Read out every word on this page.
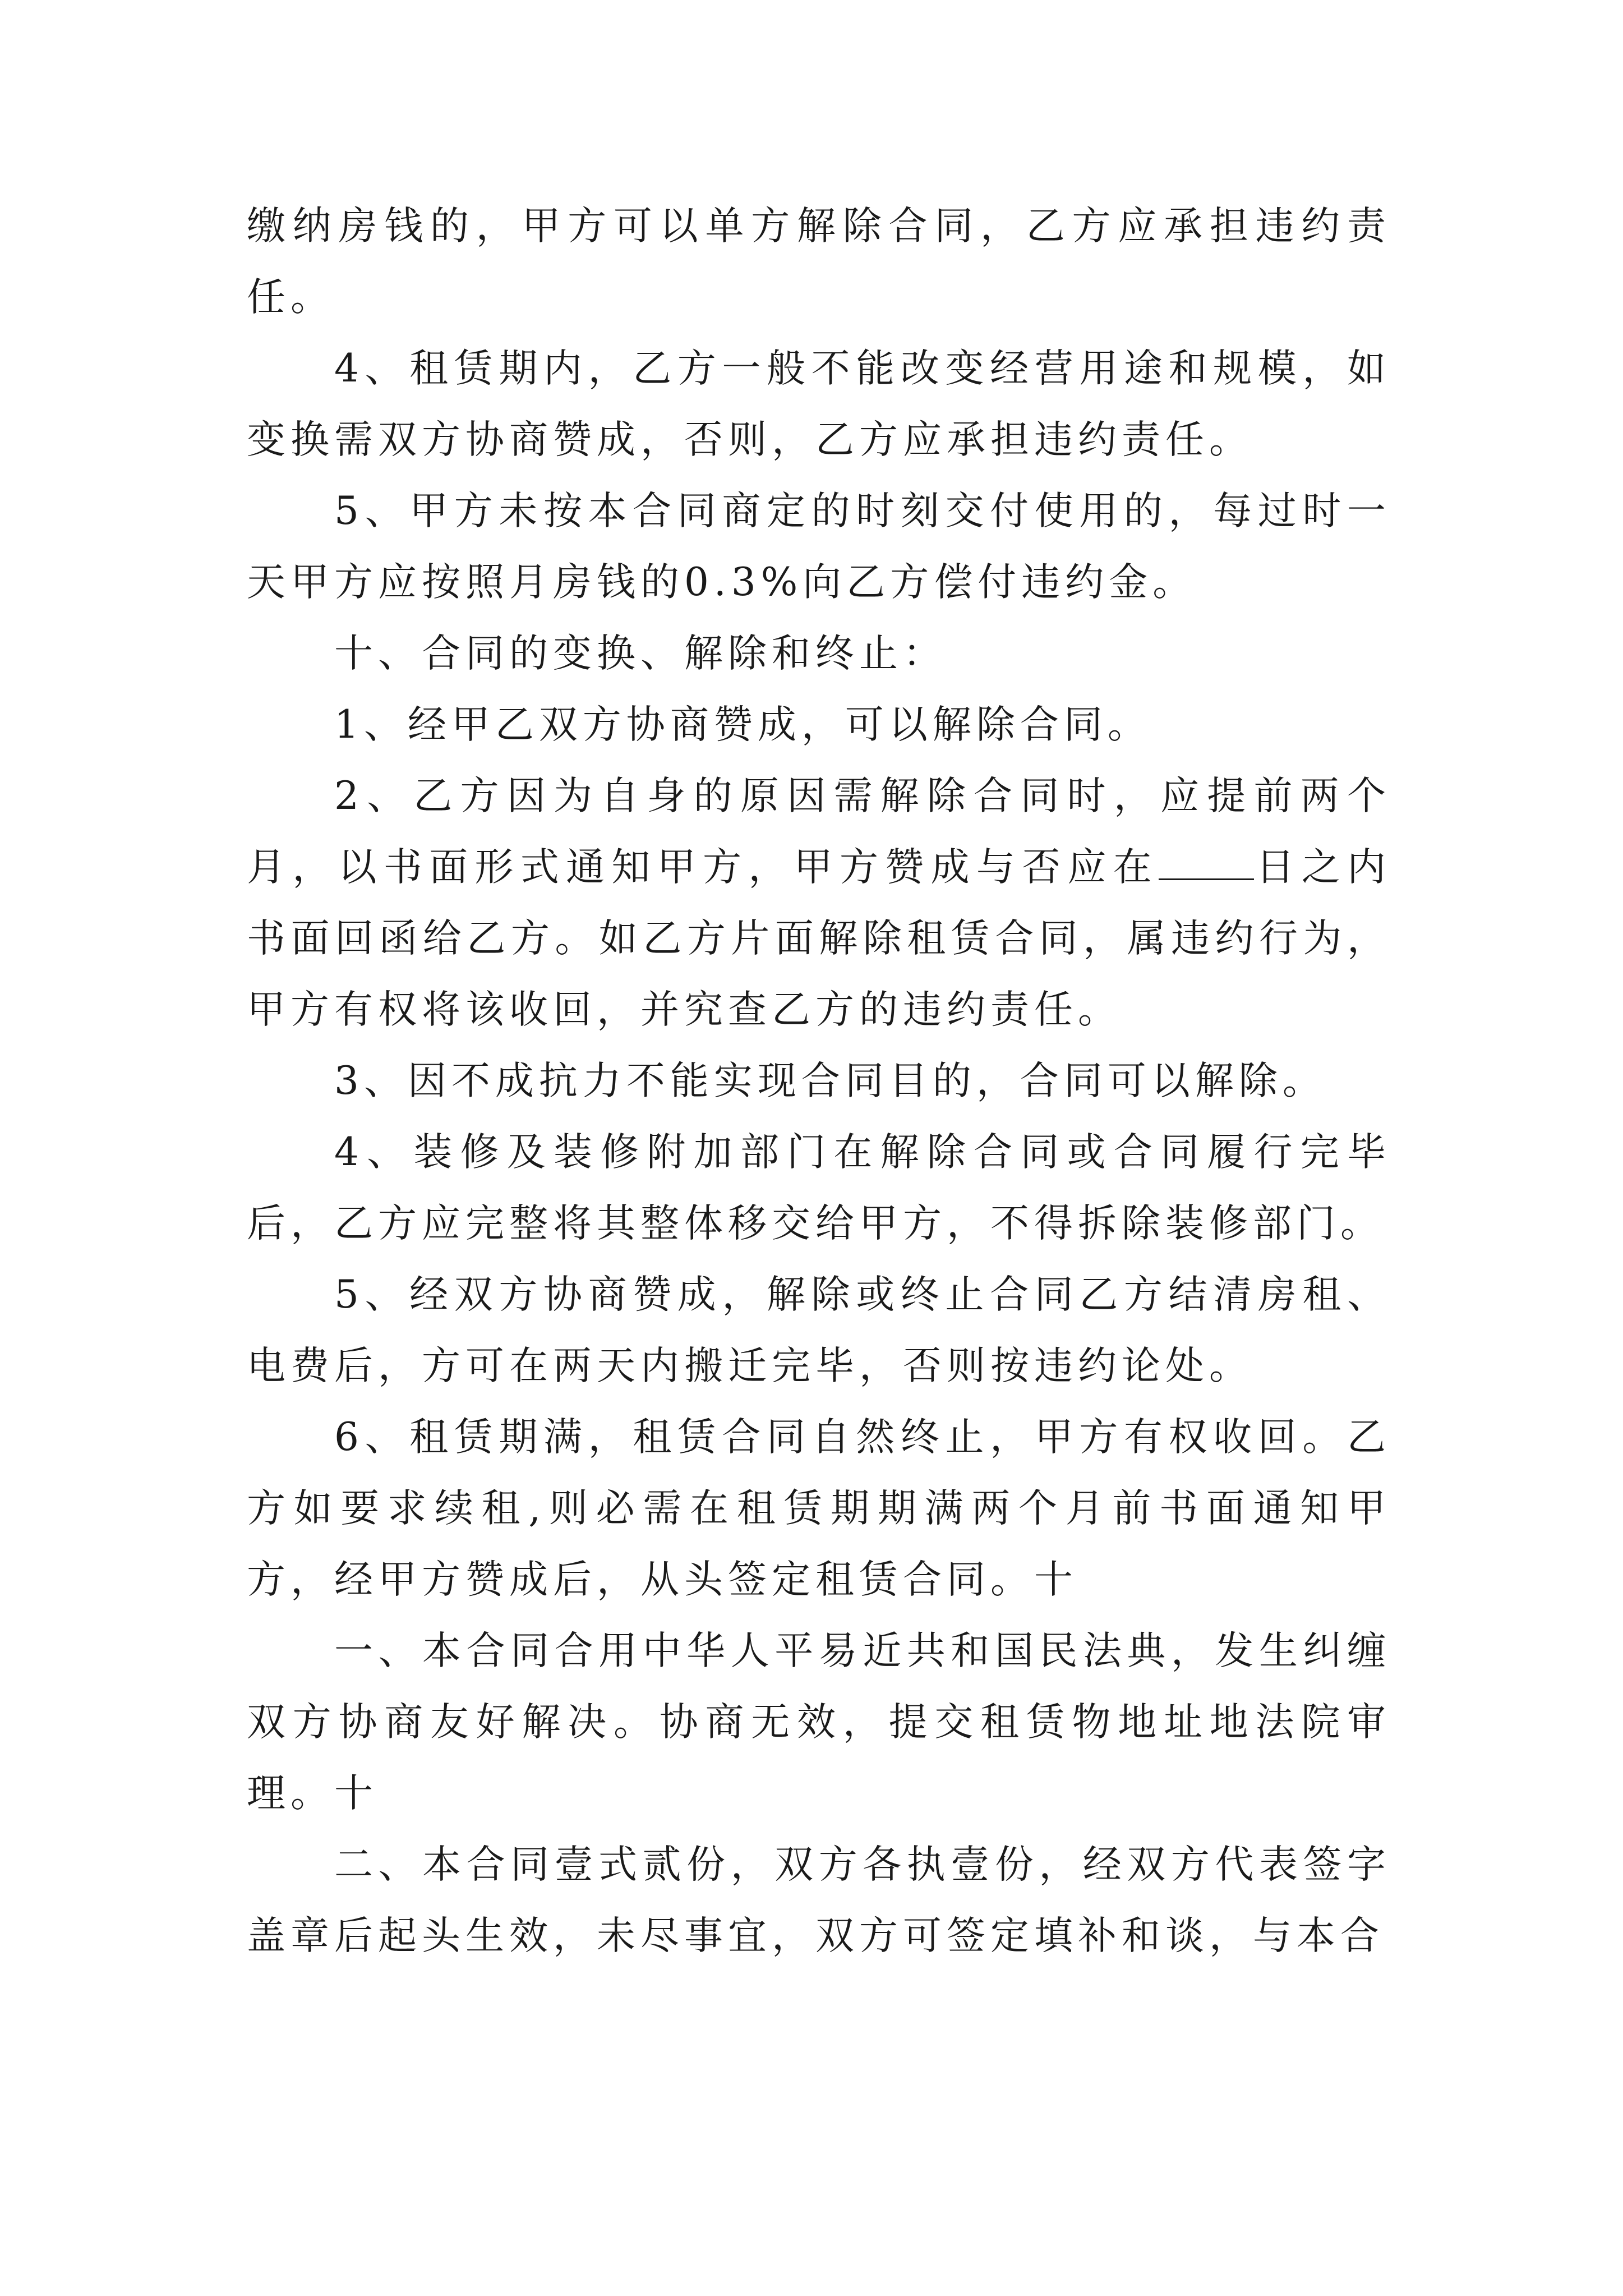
缴纳房钱的，甲方可以单方解除合同，乙方应承担违约责任。

4、租赁期内，乙方一般不能改变经营用途和规模，如变换需双方协商赞成，否则，乙方应承担违约责任。

5、甲方未按本合同商定的时刻交付使用的，每过时一天甲方应按照月房钱的0.3%向乙方偿付违约金。

十、合同的变换、解除和终止：

1、经甲乙双方协商赞成，可以解除合同。

2、乙方因为自身的原因需解除合同时，应提前两个月，以书面形式通知甲方，甲方赞成与否应在 日之内书面回函给乙方。如乙方片面解除租赁合同，属违约行为，甲方有权将该收回，并究查乙方的违约责任。

3、因不成抗力不能实现合同目的，合同可以解除。

4、装修及装修附加部门在解除合同或合同履行完毕后，乙方应完整将其整体移交给甲方，不得拆除装修部门。

5、经双方协商赞成，解除或终止合同乙方结清房租、电费后，方可在两天内搬迁完毕，否则按违约论处。

6、租赁期满，租赁合同自然终止，甲方有权收回。乙方如要求续租,则必需在租赁期期满两个月前书面通知甲方，经甲方赞成后，从头签定租赁合同。十

一、本合同合用中华人平易近共和国民法典，发生纠缠双方协商友好解决。协商无效，提交租赁物地址地法院审理。十

二、本合同壹式贰份，双方各执壹份，经双方代表签字盖章后起头生效，未尽事宜，双方可签定填补和谈，与本合
